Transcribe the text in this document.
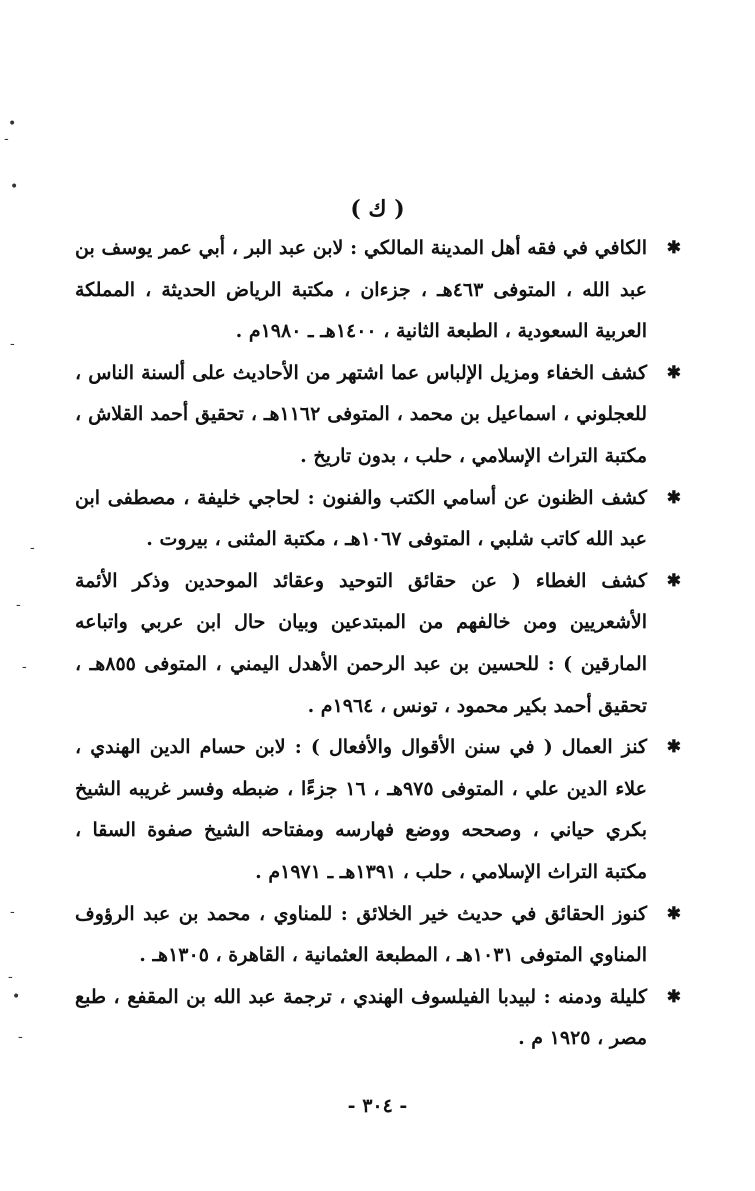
•
-
•
-
-
-
-
-
-
•
-
( ك )

✱
الكافي في فقه أهل المدينة المالكي : لابن عبد البر ، أبي عمر يوسف بن عبد الله ، المتوفى ٤٦٣هـ ، جزءان ، مكتبة الرياض الحديثة ، المملكة العربية السعودية ، الطبعة الثانية ، ١٤٠٠هـ ـ ١٩٨٠م .

✱
كشف الخفاء ومزيل الإلباس عما اشتهر من الأحاديث على ألسنة الناس ، للعجلوني ، اسماعيل بن محمد ، المتوفى ١١٦٢هـ ، تحقيق أحمد القلاش ، مكتبة التراث الإسلامي ، حلب ، بدون تاريخ .

✱
كشف الظنون عن أسامي الكتب والفنون : لحاجي خليفة ، مصطفى ابن عبد الله كاتب شلبي ، المتوفى ١٠٦٧هـ ، مكتبة المثنى ، بيروت .

✱
كشف الغطاء ( عن حقائق التوحيد وعقائد الموحدين وذكر الأئمة الأشعريين ومن خالفهم من المبتدعين وبيان حال ابن عربي واتباعه المارقين ) : للحسين بن عبد الرحمن الأهدل اليمني ، المتوفى ٨٥٥هـ ، تحقيق أحمد بكير محمود ، تونس ، ١٩٦٤م .

✱
كنز العمال ( في سنن الأقوال والأفعال ) : لابن حسام الدين الهندي ، علاء الدين علي ، المتوفى ٩٧٥هـ ، ١٦ جزءًا ، ضبطه وفسر غريبه الشيخ بكري حياني ، وصححه ووضع فهارسه ومفتاحه الشيخ صفوة السقا ، مكتبة التراث الإسلامي ، حلب ، ١٣٩١هـ ـ ١٩٧١م .

✱
كنوز الحقائق في حديث خير الخلائق : للمناوي ، محمد بن عبد الرؤوف المناوي المتوفى ١٠٣١هـ ، المطبعة العثمانية ، القاهرة ، ١٣٠٥هـ .

✱
كليلة ودمنه : لبيدبا الفيلسوف الهندي ، ترجمة عبد الله بن المقفع ، طبع مصر ، ١٩٢٥ م .

- ٣٠٤ -
